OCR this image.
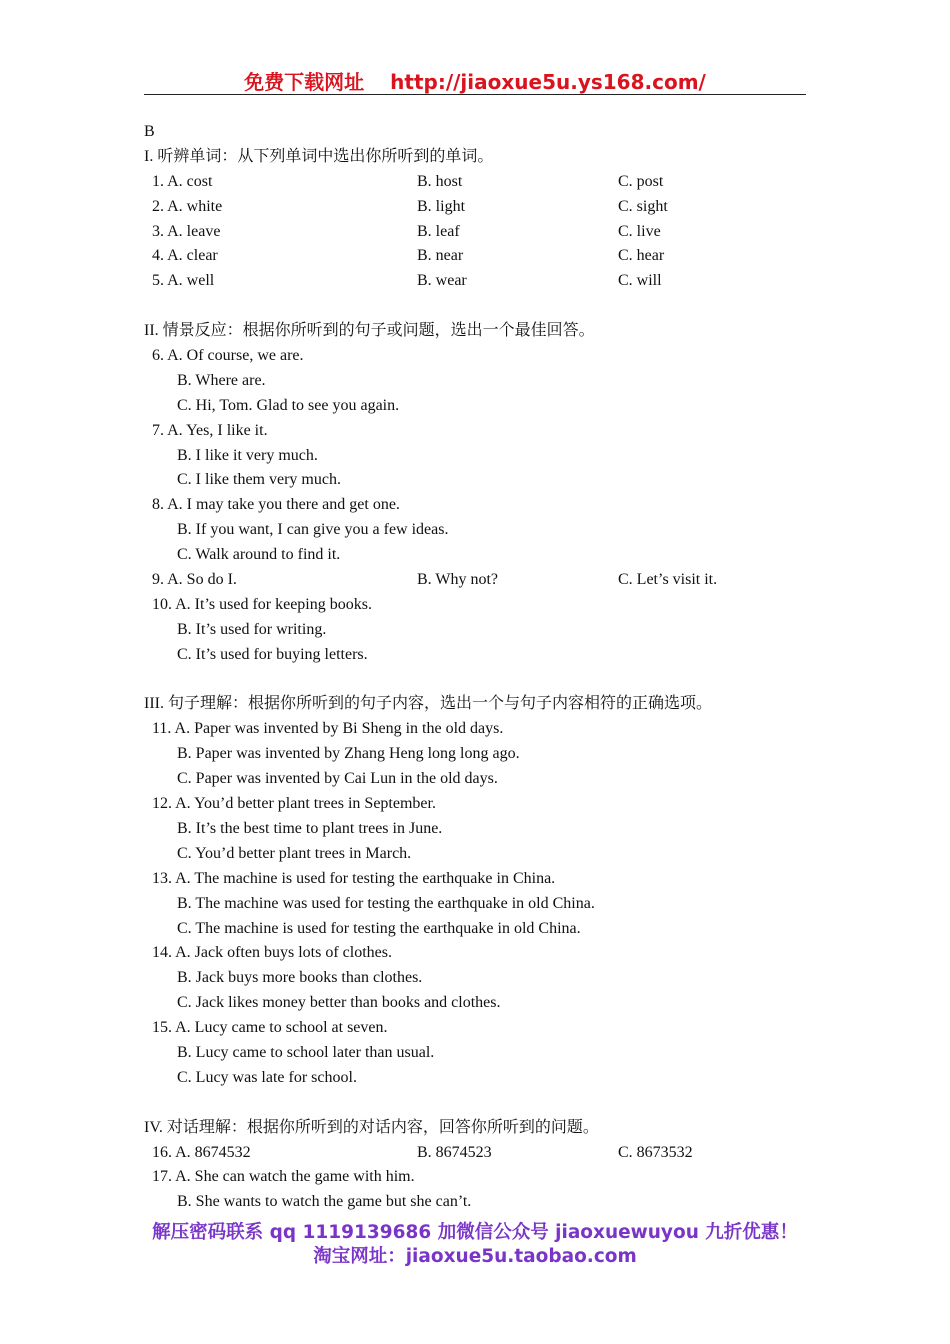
免费下载网址 http://jiaoxue5u.ys168.com/
B
I. 听辨单词：从下列单词中选出你所听到的单词。
1. A. cost	B. host	C. post
2. A. white	B. light	C. sight
3. A. leave	B. leaf	C. live
4. A. clear	B. near	C. hear
5. A. well	B. wear	C. will
II. 情景反应：根据你所听到的句子或问题，选出一个最佳回答。
6. A. Of course, we are.
B. Where are.
C. Hi, Tom. Glad to see you again.
7. A. Yes, I like it.
B. I like it very much.
C. I like them very much.
8. A. I may take you there and get one.
B. If you want, I can give you a few ideas.
C. Walk around to find it.
9. A. So do I.	B. Why not?	C. Let’s visit it.
10. A. It’s used for keeping books.
B. It’s used for writing.
C. It’s used for buying letters.
III. 句子理解：根据你所听到的句子内容，选出一个与句子内容相符的正确选项。
11. A. Paper was invented by Bi Sheng in the old days.
B. Paper was invented by Zhang Heng long long ago.
C. Paper was invented by Cai Lun in the old days.
12. A. You’d better plant trees in September.
B. It’s the best time to plant trees in June.
C. You’d better plant trees in March.
13. A. The machine is used for testing the earthquake in China.
B. The machine was used for testing the earthquake in old China.
C. The machine is used for testing the earthquake in old China.
14. A. Jack often buys lots of clothes.
B. Jack buys more books than clothes.
C. Jack likes money better than books and clothes.
15. A. Lucy came to school at seven.
B. Lucy came to school later than usual.
C. Lucy was late for school.
IV. 对话理解：根据你所听到的对话内容，回答你所听到的问题。
16. A. 8674532	B. 8674523	C. 8673532
17. A. She can watch the game with him.
B. She wants to watch the game but she can’t.
解压密码联系 qq 1119139686 加微信公众号 jiaoxuewuyou 九折优惠！
淘宝网址：jiaoxue5u.taobao.com
